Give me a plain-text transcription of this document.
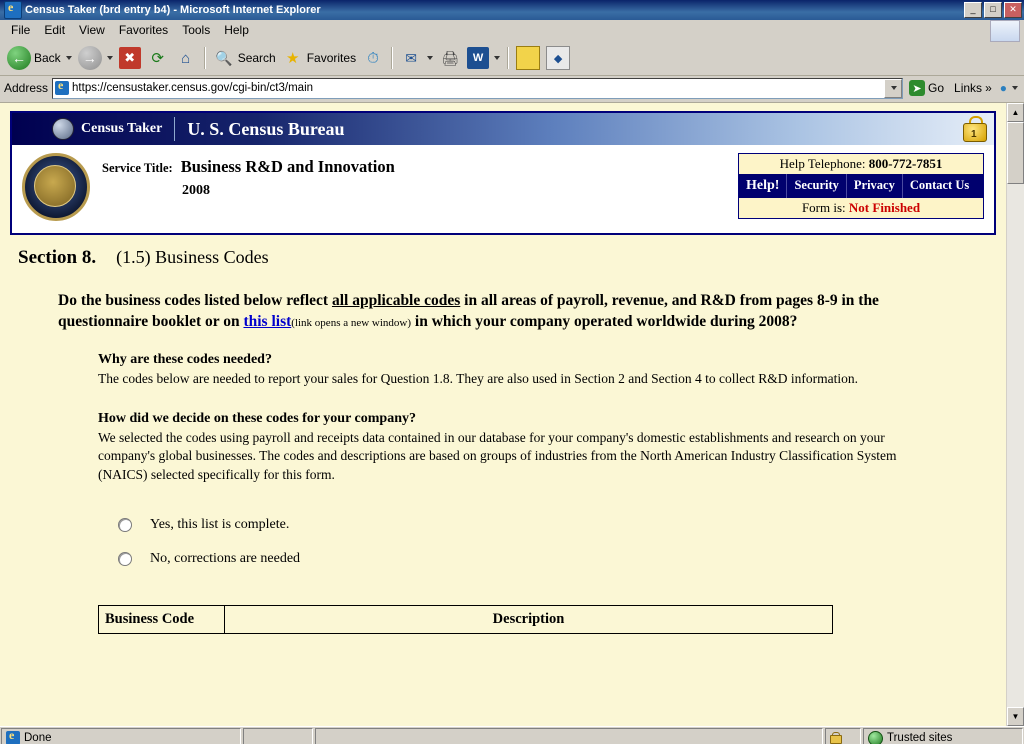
e
Census Taker (brd entry b4) - Microsoft Internet Explorer	_	□	✕
File	Edit	View	Favorites	Tools	Help
← Back	→	✖	⟳	⌂	🔍 Search ★ Favorites ⏱	✉	🖨	W	◆
Address e	https://censustaker.census.gov/cgi-bin/ct3/main	➤ Go Links » ●
Census Taker U. S. Census Bureau	1
Service Title: Business R&D and Innovation
2008
Help Telephone: 800-772-7851
Help!	Security	Privacy	Contact Us
Form is: Not Finished
Section 8. (1.5) Business Codes
Do the business codes listed below reflect all applicable codes in all areas of payroll, revenue, and R&D from pages 8-9 in the questionnaire booklet or on this list(link opens a new window) in which your company operated worldwide during 2008?
Why are these codes needed?

The codes below are needed to report your sales for Question 1.8. They are also used in Section 2 and Section 4 to collect R&D information.

How did we decide on these codes for your company?

We selected the codes using payroll and receipts data contained in our database for your company's domestic establishments and research on your company's global businesses. The codes and descriptions are based on groups of industries from the North American Industry Classification System (NAICS) selected specifically for this form.

Yes, this list is complete.
No, corrections are needed
Business Code	Description
▲
▼
e
Done	Trusted sites
